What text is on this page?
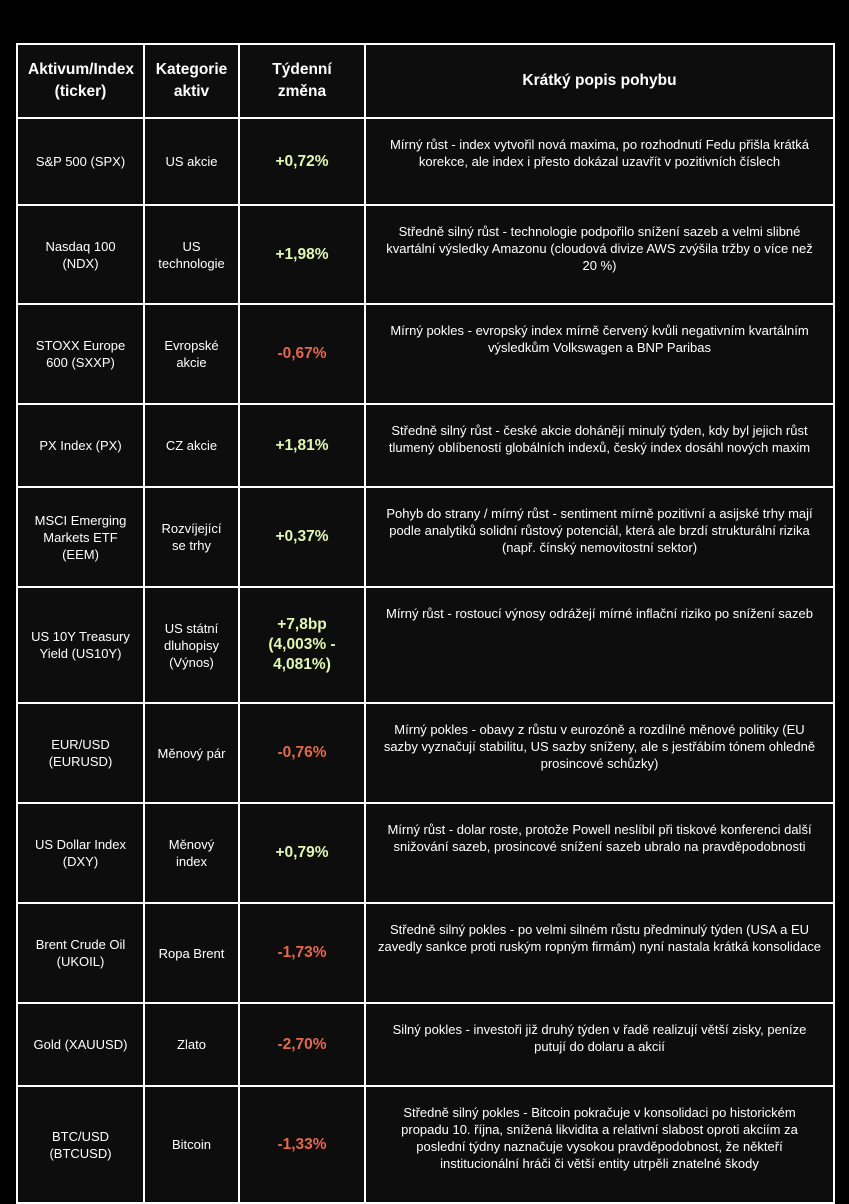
Aktivum/Index (ticker)	Kategorie aktiv	Týdenní změna	Krátký popis pohybu
S&P 500 (SPX)	US akcie	+0,72%	Mírný růst - index vytvořil nová maxima, po rozhodnutí Fedu přišla krátká korekce, ale index i přesto dokázal uzavřít v pozitivních číslech
Nasdaq 100 (NDX)	US technologie	+1,98%	Středně silný růst - technologie podpořilo snížení sazeb a velmi slibné kvartální výsledky Amazonu (cloudová divize AWS zvýšila tržby o více než 20 %)
STOXX Europe 600 (SXXP)	Evropské akcie	-0,67%	Mírný pokles - evropský index mírně červený kvůli negativním kvartálním výsledkům Volkswagen a BNP Paribas
PX Index (PX)	CZ akcie	+1,81%	Středně silný růst - české akcie dohánějí minulý týden, kdy byl jejich růst tlumený oblíbeností globálních indexů, český index dosáhl nových maxim
MSCI Emerging Markets ETF (EEM)	Rozvíjející se trhy	+0,37%	Pohyb do strany / mírný růst - sentiment mírně pozitivní a asijské trhy mají podle analytiků solidní růstový potenciál, která ale brzdí strukturální rizika (např. čínský nemovitostní sektor)
US 10Y Treasury Yield (US10Y)	US státní dluhopisy (Výnos)	+7,8bp (4,003% - 4,081%)	Mírný růst - rostoucí výnosy odrážejí mírné inflační riziko po snížení sazeb
EUR/USD (EURUSD)	Měnový pár	-0,76%	Mírný pokles - obavy z růstu v eurozóně a rozdílné měnové politiky (EU sazby vyznačují stabilitu, US sazby sníženy, ale s jestřábím tónem ohledně prosincové schůzky)
US Dollar Index (DXY)	Měnový index	+0,79%	Mírný růst - dolar roste, protože Powell neslíbil při tiskové konferenci další snižování sazeb, prosincové snížení sazeb ubralo na pravděpodobnosti
Brent Crude Oil (UKOIL)	Ropa Brent	-1,73%	Středně silný pokles - po velmi silném růstu předminulý týden (USA a EU zavedly sankce proti ruským ropným firmám) nyní nastala krátká konsolidace
Gold (XAUUSD)	Zlato	-2,70%	Silný pokles - investoři již druhý týden v řadě realizují větší zisky, peníze putují do dolaru a akcií
BTC/USD (BTCUSD)	Bitcoin	-1,33%	Středně silný pokles - Bitcoin pokračuje v konsolidaci po historickém propadu 10. října, snížená likvidita a relativní slabost oproti akciím za poslední týdny naznačuje vysokou pravděpodobnost, že někteří institucionální hráči či větší entity utrpěli znatelné škody
